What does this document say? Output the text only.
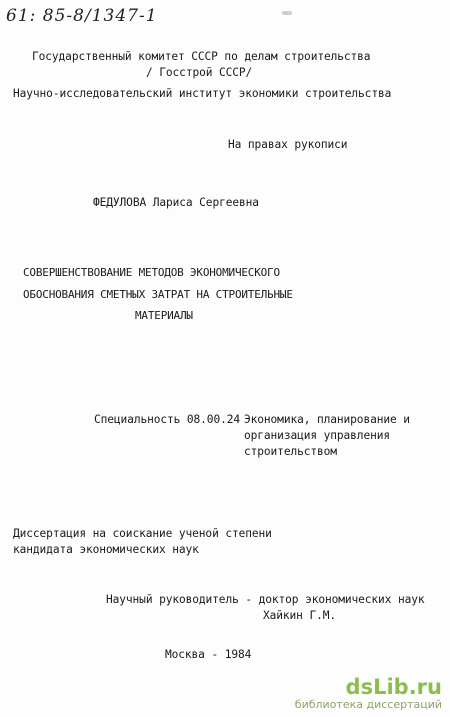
61: 85-8/1347-1
Государственный комитет СССР по делам строительства
/ Госстрой СССР/
Научно-исследовательский институт экономики строительства
На правах рукописи
ФЕДУЛОВА Лариса Сергеевна
СОВЕРШЕНСТВОВАНИЕ МЕТОДОВ ЭКОНОМИЧЕСКОГО
ОБОСНОВАНИЯ СМЕТНЫХ ЗАТРАТ НА СТРОИТЕЛЬНЫЕ
МАТЕРИАЛЫ
Специальность 08.00.24 Экономика, планирование и
организация управления
строительством
Диссертация на соискание ученой степени
кандидата экономических наук
Научный руководитель - доктор экономических наук
Хайкин Г.М.
Москва - 1984
ds Lib .ru
библиотека диссертаций
